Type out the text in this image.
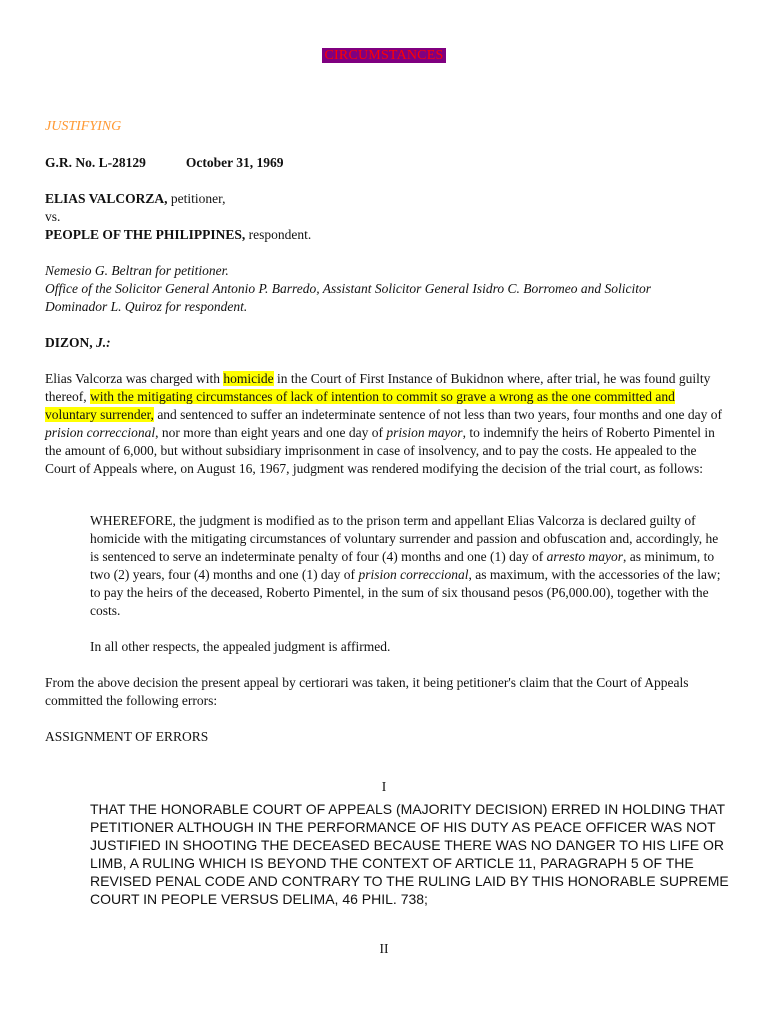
CIRCUMSTANCES

JUSTIFYING

G.R. No. L-28129	October 31, 1969

ELIAS VALCORZA, petitioner,

vs.

PEOPLE OF THE PHILIPPINES, respondent.

Nemesio G. Beltran for petitioner.

Office of the Solicitor General Antonio P. Barredo, Assistant Solicitor General Isidro C. Borromeo and Solicitor Dominador L. Quiroz for respondent.

DIZON, J.:

Elias Valcorza was charged with homicide in the Court of First Instance of Bukidnon where, after trial, he was found guilty thereof, with the mitigating circumstances of lack of intention to commit so grave a wrong as the one committed and voluntary surrender, and sentenced to suffer an indeterminate sentence of not less than two years, four months and one day of prision correccional, nor more than eight years and one day of prision mayor, to indemnify the heirs of Roberto Pimentel in the amount of 6,000, but without subsidiary imprisonment in case of insolvency, and to pay the costs. He appealed to the Court of Appeals where, on August 16, 1967, judgment was rendered modifying the decision of the trial court, as follows:

WHEREFORE, the judgment is modified as to the prison term and appellant Elias Valcorza is declared guilty of homicide with the mitigating circumstances of voluntary surrender and passion and obfuscation and, accordingly, he is sentenced to serve an indeterminate penalty of four (4) months and one (1) day of arresto mayor, as minimum, to two (2) years, four (4) months and one (1) day of prision correccional, as maximum, with the accessories of the law; to pay the heirs of the deceased, Roberto Pimentel, in the sum of six thousand pesos (P6,000.00), together with the costs.

In all other respects, the appealed judgment is affirmed.

From the above decision the present appeal by certiorari was taken, it being petitioner's claim that the Court of Appeals committed the following errors:

ASSIGNMENT OF ERRORS

I

THAT THE HONORABLE COURT OF APPEALS (MAJORITY DECISION) ERRED IN HOLDING THAT PETITIONER ALTHOUGH IN THE PERFORMANCE OF HIS DUTY AS PEACE OFFICER WAS NOT JUSTIFIED IN SHOOTING THE DECEASED BECAUSE THERE WAS NO DANGER TO HIS LIFE OR LIMB, A RULING WHICH IS BEYOND THE CONTEXT OF ARTICLE 11, PARAGRAPH 5 OF THE REVISED PENAL CODE AND CONTRARY TO THE RULING LAID BY THIS HONORABLE SUPREME COURT IN PEOPLE VERSUS DELIMA, 46 PHIL. 738;

II
